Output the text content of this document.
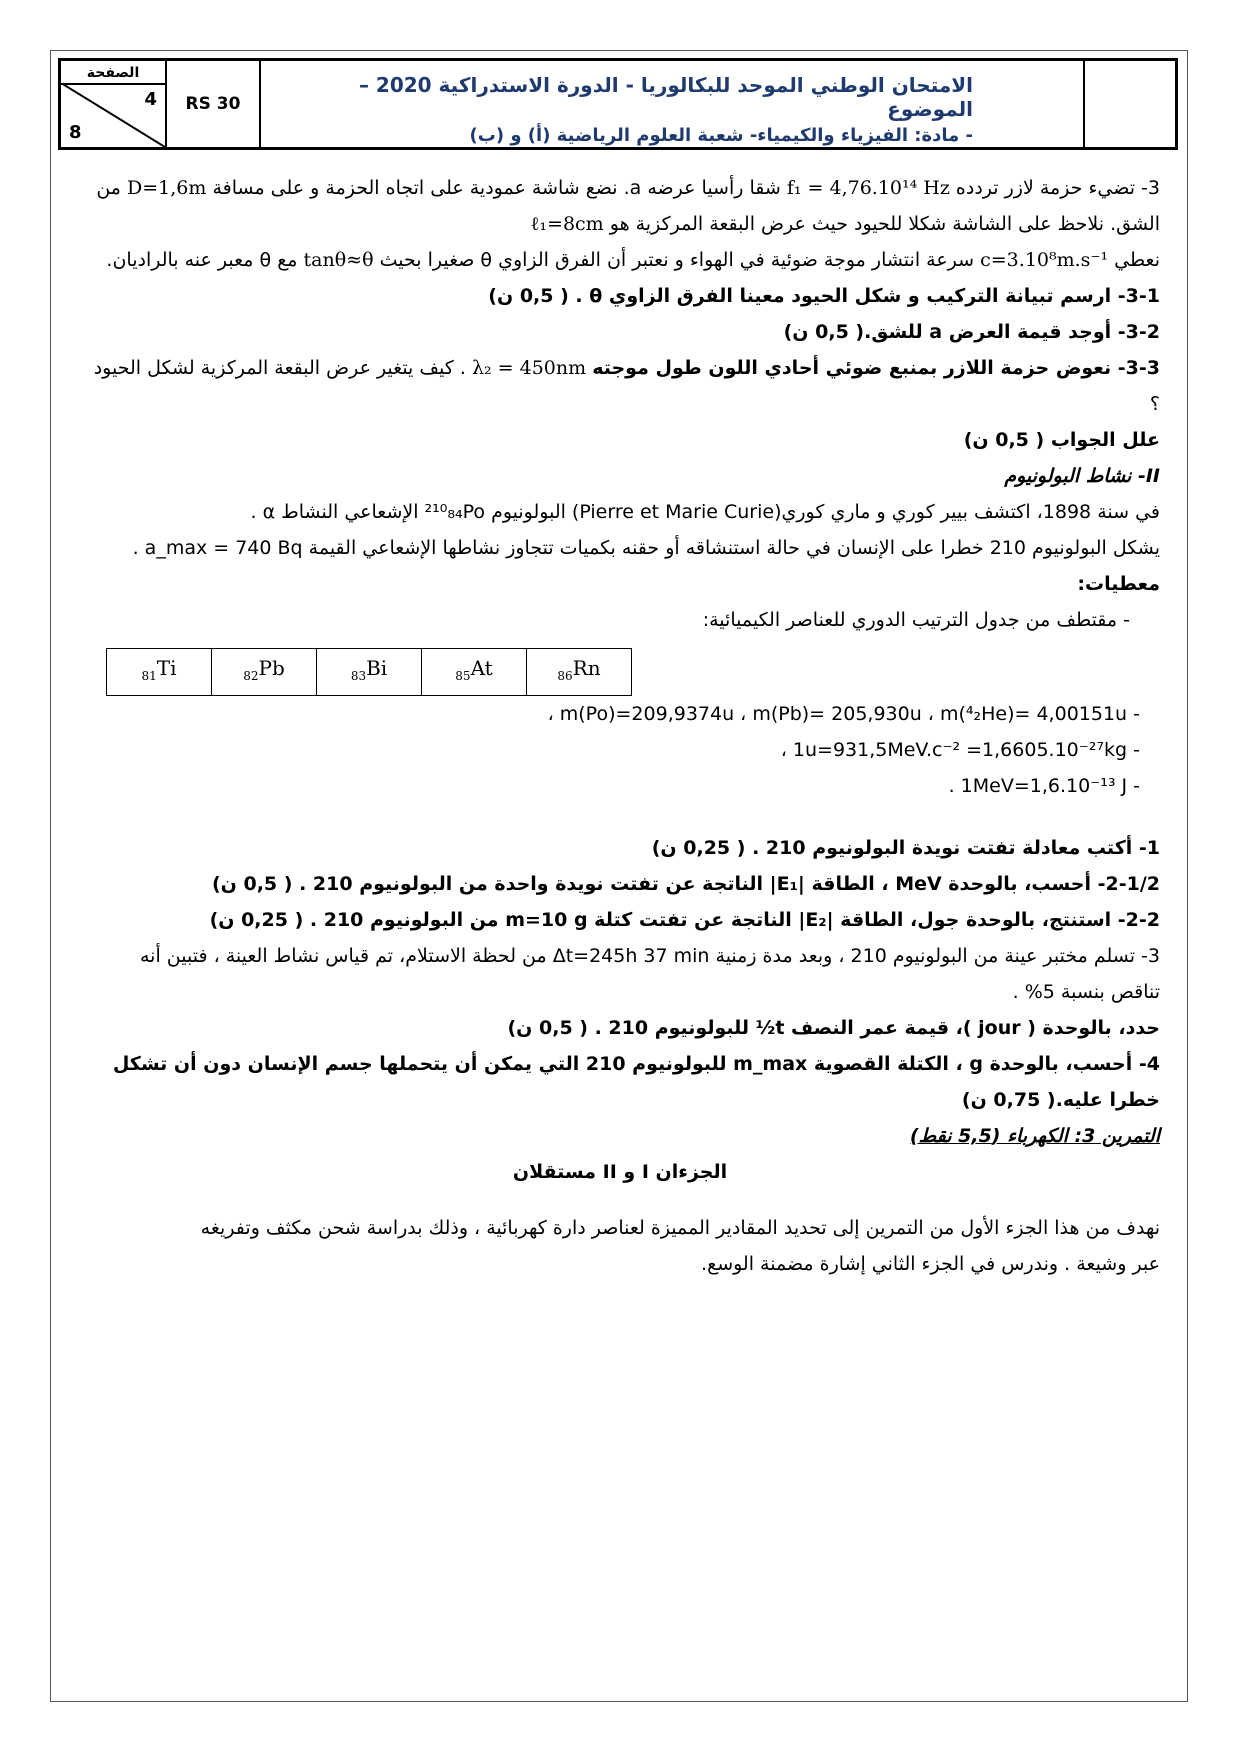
الصفحة
4
8
RS 30
الامتحان الوطني الموحد للبكالوريا - الدورة الاستدراكية 2020 – الموضوع
- مادة: الفيزياء والكيمياء- شعبة العلوم الرياضية (أ) و (ب)

3- تضيء حزمة لازر تردده f₁ = 4,76.10¹⁴ Hz شقا رأسيا عرضه a. نضع شاشة عمودية على اتجاه الحزمة و على مسافة D=1,6m من الشق. نلاحظ على الشاشة شكلا للحيود حيث عرض البقعة المركزية هو ℓ₁=8cm

نعطي c=3.10⁸m.s⁻¹ سرعة انتشار موجة ضوئية في الهواء و نعتبر أن الفرق الزاوي θ صغيرا بحيث tanθ≈θ مع θ معبر عنه بالراديان.

3-1- ارسم تبيانة التركيب و شكل الحيود معينا الفرق الزاوي θ . ( 0,5 ن)

3-2- أوجد قيمة العرض a للشق.( 0,5 ن)

3-3- نعوض حزمة اللازر بمنبع ضوئي أحادي اللون طول موجته λ₂ = 450nm . كيف يتغير عرض البقعة المركزية لشكل الحيود ؟

علل الجواب ( 0,5 ن)

II- نشاط البولونيوم

في سنة 1898، اكتشف بيير كوري و ماري كوري(Pierre et Marie Curie) البولونيوم ²¹⁰₈₄Po الإشعاعي النشاط α .

يشكل البولونيوم 210 خطرا على الإنسان في حالة استنشاقه أو حقنه بكميات تتجاوز نشاطها الإشعاعي القيمة a_max = 740 Bq .

معطيات:

- مقتطف من جدول الترتيب الدوري للعناصر الكيميائية:

$_{81}$Ti	$_{82}$Pb	$_{83}$Bi	$_{85}$At	$_{86}$Rn

- m(Po)=209,9374u ، m(Pb)= 205,930u ، m(⁴₂He)= 4,00151u ،

- 1u=931,5MeV.c⁻² =1,6605.10⁻²⁷kg ،

- 1MeV=1,6.10⁻¹³ J .

1- أكتب معادلة تفتت نويدة البولونيوم 210 . ( 0,25 ن)

2-1/2- أحسب، بالوحدة MeV ، الطاقة |E₁| الناتجة عن تفتت نويدة واحدة من البولونيوم 210 . ( 0,5 ن)

2-2- استنتج، بالوحدة جول، الطاقة |E₂| الناتجة عن تفتت كتلة m=10 g من البولونيوم 210 . ( 0,25 ن)

3- تسلم مختبر عينة من البولونيوم 210 ، وبعد مدة زمنية Δt=245h 37 min من لحظة الاستلام، تم قياس نشاط العينة ، فتبين أنه

تناقص بنسبة 5% .

حدد، بالوحدة ( jour )، قيمة عمر النصف t½ للبولونيوم 210 . ( 0,5 ن)

4- أحسب، بالوحدة g ، الكتلة القصوية m_max للبولونيوم 210 التي يمكن أن يتحملها جسم الإنسان دون أن تشكل خطرا عليه.( 0,75 ن)

التمرين 3: الكهرباء (5,5 نقط)

الجزءان I و II مستقلان

نهدف من هذا الجزء الأول من التمرين إلى تحديد المقادير المميزة لعناصر دارة كهربائية ، وذلك بدراسة شحن مكثف وتفريغه

عبر وشيعة . وندرس في الجزء الثاني إشارة مضمنة الوسع.
